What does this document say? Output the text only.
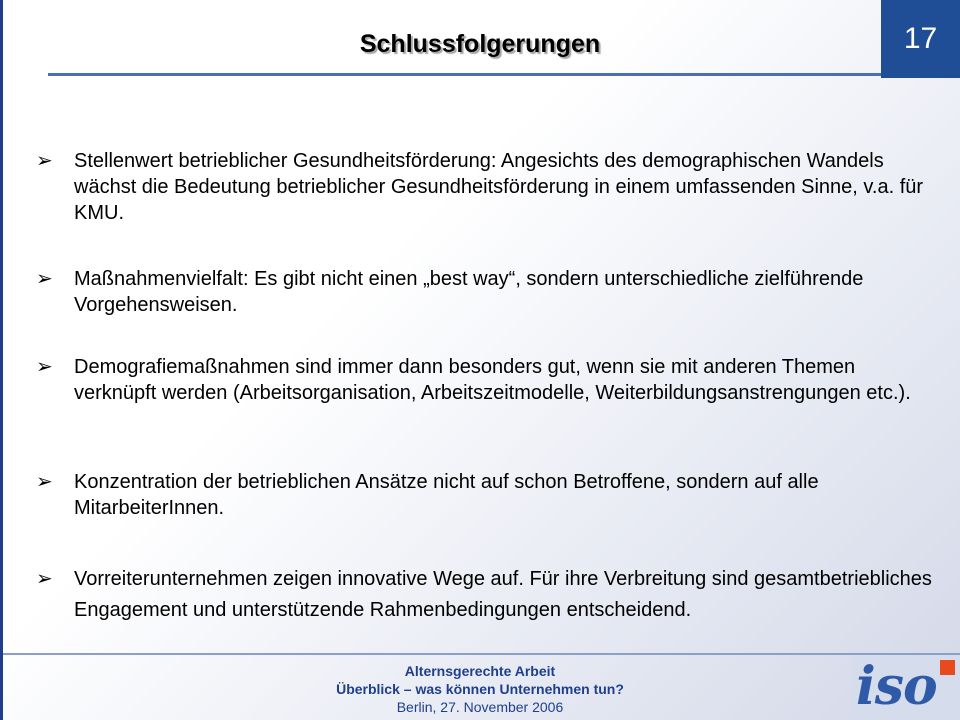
Schlussfolgerungen	17
➢	Stellenwert betrieblicher Gesundheitsförderung: Angesichts des demographischen Wandels wächst die Bedeutung betrieblicher Gesundheitsförderung in einem umfassenden Sinne, v.a. für KMU.
➢	Maßnahmenvielfalt: Es gibt nicht einen „best way“, sondern unterschiedliche zielführende Vorgehensweisen.
➢	Demografiemaßnahmen sind immer dann besonders gut, wenn sie mit anderen Themen verknüpft werden (Arbeitsorganisation, Arbeitszeitmodelle, Weiterbildungsanstrengungen etc.).
➢	Konzentration der betrieblichen Ansätze nicht auf schon Betroffene, sondern auf alle MitarbeiterInnen.
➢	Vorreiterunternehmen zeigen innovative Wege auf. Für ihre Verbreitung sind gesamtbetriebliches Engagement und unterstützende Rahmenbedingungen entscheidend.
Alternsgerechte Arbeit
Überblick – was können Unternehmen tun?
Berlin, 27. November 2006	iso
